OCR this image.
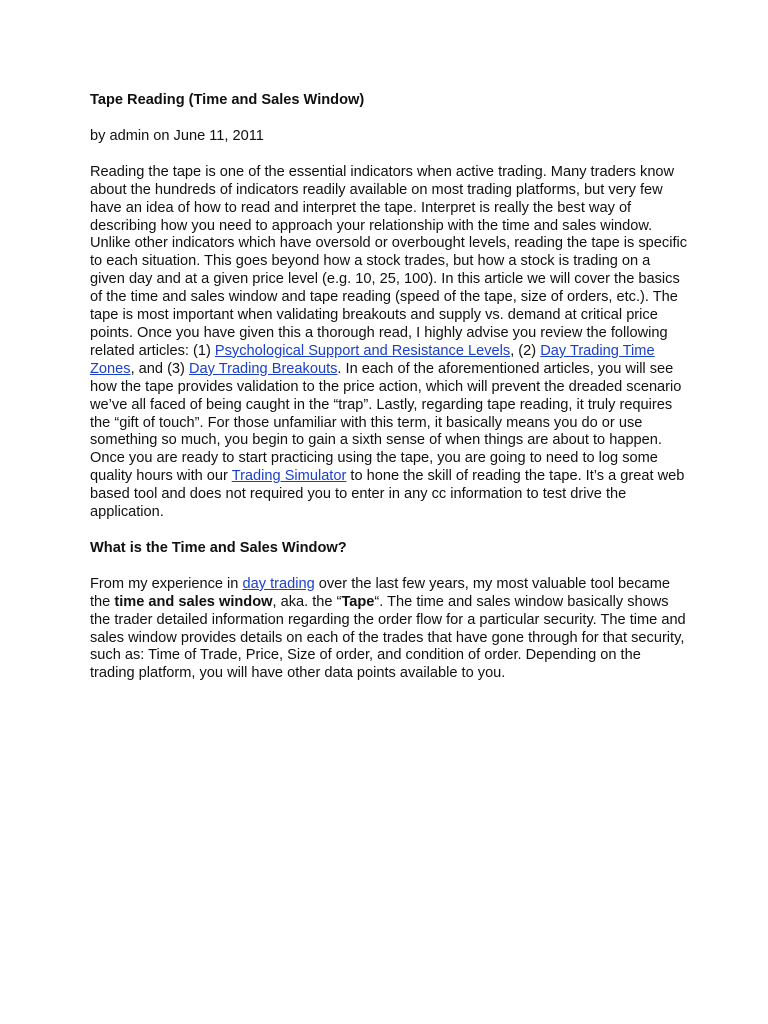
Tape Reading (Time and Sales Window)

by admin on June 11, 2011

Reading the tape is one of the essential indicators when active trading. Many traders know about the hundreds of indicators readily available on most trading platforms, but very few have an idea of how to read and interpret the tape. Interpret is really the best way of describing how you need to approach your relationship with the time and sales window. Unlike other indicators which have oversold or overbought levels, reading the tape is specific to each situation. This goes beyond how a stock trades, but how a stock is trading on a given day and at a given price level (e.g. 10, 25, 100). In this article we will cover the basics of the time and sales window and tape reading (speed of the tape, size of orders, etc.). The tape is most important when validating breakouts and supply vs. demand at critical price points. Once you have given this a thorough read, I highly advise you review the following related articles: (1) Psychological Support and Resistance Levels, (2) Day Trading Time Zones, and (3) Day Trading Breakouts. In each of the aforementioned articles, you will see how the tape provides validation to the price action, which will prevent the dreaded scenario we’ve all faced of being caught in the “trap”. Lastly, regarding tape reading, it truly requires the “gift of touch”. For those unfamiliar with this term, it basically means you do or use something so much, you begin to gain a sixth sense of when things are about to happen. Once you are ready to start practicing using the tape, you are going to need to log some quality hours with our Trading Simulator to hone the skill of reading the tape. It’s a great web based tool and does not required you to enter in any cc information to test drive the application.

What is the Time and Sales Window?

From my experience in day trading over the last few years, my most valuable tool became the time and sales window, aka. the “Tape“. The time and sales window basically shows the trader detailed information regarding the order flow for a particular security. The time and sales window provides details on each of the trades that have gone through for that security, such as: Time of Trade, Price, Size of order, and condition of order. Depending on the trading platform, you will have other data points available to you.
